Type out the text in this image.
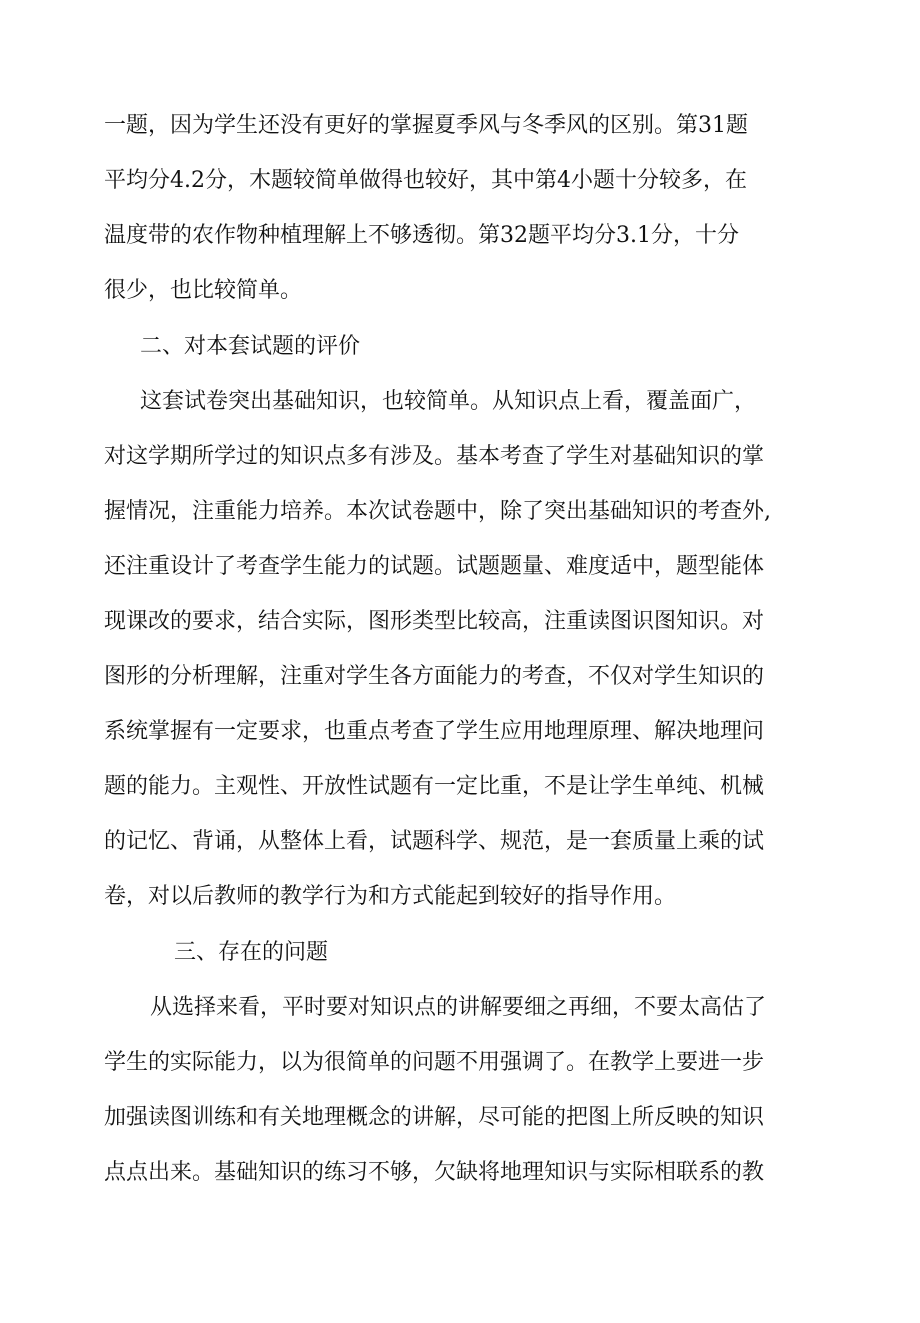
一题，因为学生还没有更好的掌握夏季风与冬季风的区别。第31题

平均分4.2分，木题较简单做得也较好，其中第4小题十分较多，在

温度带的农作物种植理解上不够透彻。第32题平均分3.1分，十分

很少，也比较简单。

二、对本套试题的评价

这套试卷突出基础知识，也较简单。从知识点上看，覆盖面广，

对这学期所学过的知识点多有涉及。基本考查了学生对基础知识的掌

握情况，注重能力培养。本次试卷题中，除了突出基础知识的考查外,

还注重设计了考查学生能力的试题。试题题量、难度适中，题型能体

现课改的要求，结合实际，图形类型比较高，注重读图识图知识。对

图形的分析理解，注重对学生各方面能力的考查，不仅对学生知识的

系统掌握有一定要求，也重点考查了学生应用地理原理、解决地理问

题的能力。主观性、开放性试题有一定比重，不是让学生单纯、机械

的记忆、背诵，从整体上看，试题科学、规范，是一套质量上乘的试

卷，对以后教师的教学行为和方式能起到较好的指导作用。

三、存在的问题

从选择来看，平时要对知识点的讲解要细之再细，不要太高估了

学生的实际能力，以为很简单的问题不用强调了。在教学上要进一步

加强读图训练和有关地理概念的讲解，尽可能的把图上所反映的知识

点点出来。基础知识的练习不够，欠缺将地理知识与实际相联系的教
